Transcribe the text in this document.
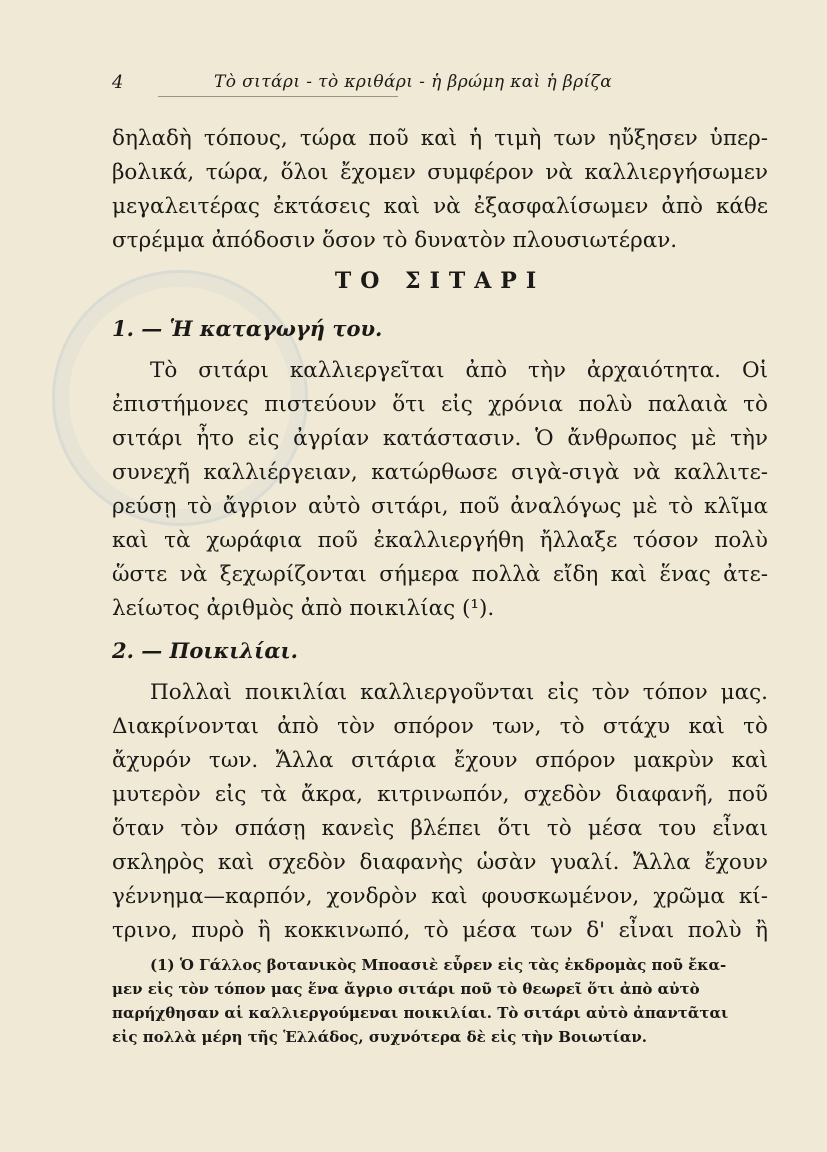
4	Τὸ σιτάρι - τὸ κριθάρι - ἡ βρώμη καὶ ἡ βρίζα
δηλαδὴ τόπους, τώρα ποῦ καὶ ἡ τιμὴ των ηὔξησεν ὑπερ-
βολικά, τώρα, ὅλοι ἔχομεν συμφέρον νὰ καλλιεργήσωμεν
μεγαλειτέρας ἐκτάσεις καὶ νὰ ἐξασφαλίσωμεν ἀπὸ κάθε
στρέμμα ἀπόδοσιν ὅσον τὸ δυνατὸν πλουσιωτέραν.
ΤΟ ΣΙΤΑΡΙ
1. — Ἡ καταγωγή του.
Τὸ σιτάρι καλλιεργεῖται ἀπὸ τὴν ἀρχαιότητα. Οἱ
ἐπιστήμονες πιστεύουν ὅτι εἰς χρόνια πολὺ παλαιὰ τὸ
σιτάρι ἦτο εἰς ἀγρίαν κατάστασιν. Ὁ ἄνθρωπος μὲ τὴν
συνεχῆ καλλιέργειαν, κατώρθωσε σιγὰ-σιγὰ νὰ καλλιτε-
ρεύσῃ τὸ ἄγριον αὐτὸ σιτάρι, ποῦ ἀναλόγως μὲ τὸ κλῖμα
καὶ τὰ χωράφια ποῦ ἐκαλλιεργήθη ἤλλαξε τόσον πολὺ
ὥστε νὰ ξεχωρίζονται σήμερα πολλὰ εἴδη καὶ ἕνας ἀτε-
λείωτος ἀριθμὸς ἀπὸ ποικιλίας (¹).
2. — Ποικιλίαι.
Πολλαὶ ποικιλίαι καλλιεργοῦνται εἰς τὸν τόπον μας.
Διακρίνονται ἀπὸ τὸν σπόρον των, τὸ στάχυ καὶ τὸ
ἄχυρόν των. Ἄλλα σιτάρια ἔχουν σπόρον μακρὺν καὶ
μυτερὸν εἰς τὰ ἄκρα, κιτρινωπόν, σχεδὸν διαφανῆ, ποῦ
ὅταν τὸν σπάσῃ κανεὶς βλέπει ὅτι τὸ μέσα του εἶναι
σκληρὸς καὶ σχεδὸν διαφανὴς ὡσὰν γυαλί. Ἄλλα ἔχουν
γέννημα—καρπόν, χονδρὸν καὶ φουσκωμένον, χρῶμα κί-
τρινο, πυρὸ ἢ κοκκινωπό, τὸ μέσα των δ' εἶναι πολὺ ἢ
(1) Ὁ Γάλλος βοτανικὸς Μποασιὲ εὗρεν εἰς τὰς ἐκδρομὰς ποῦ ἔκα-
μεν εἰς τὸν τόπον μας ἕνα ἄγριο σιτάρι ποῦ τὸ θεωρεῖ ὅτι ἀπὸ αὐτὸ
παρήχθησαν αἱ καλλιεργούμεναι ποικιλίαι. Τὸ σιτάρι αὐτὸ ἀπαντᾶται
εἰς πολλὰ μέρη τῆς Ἑλλάδος, συχνότερα δὲ εἰς τὴν Βοιωτίαν.
